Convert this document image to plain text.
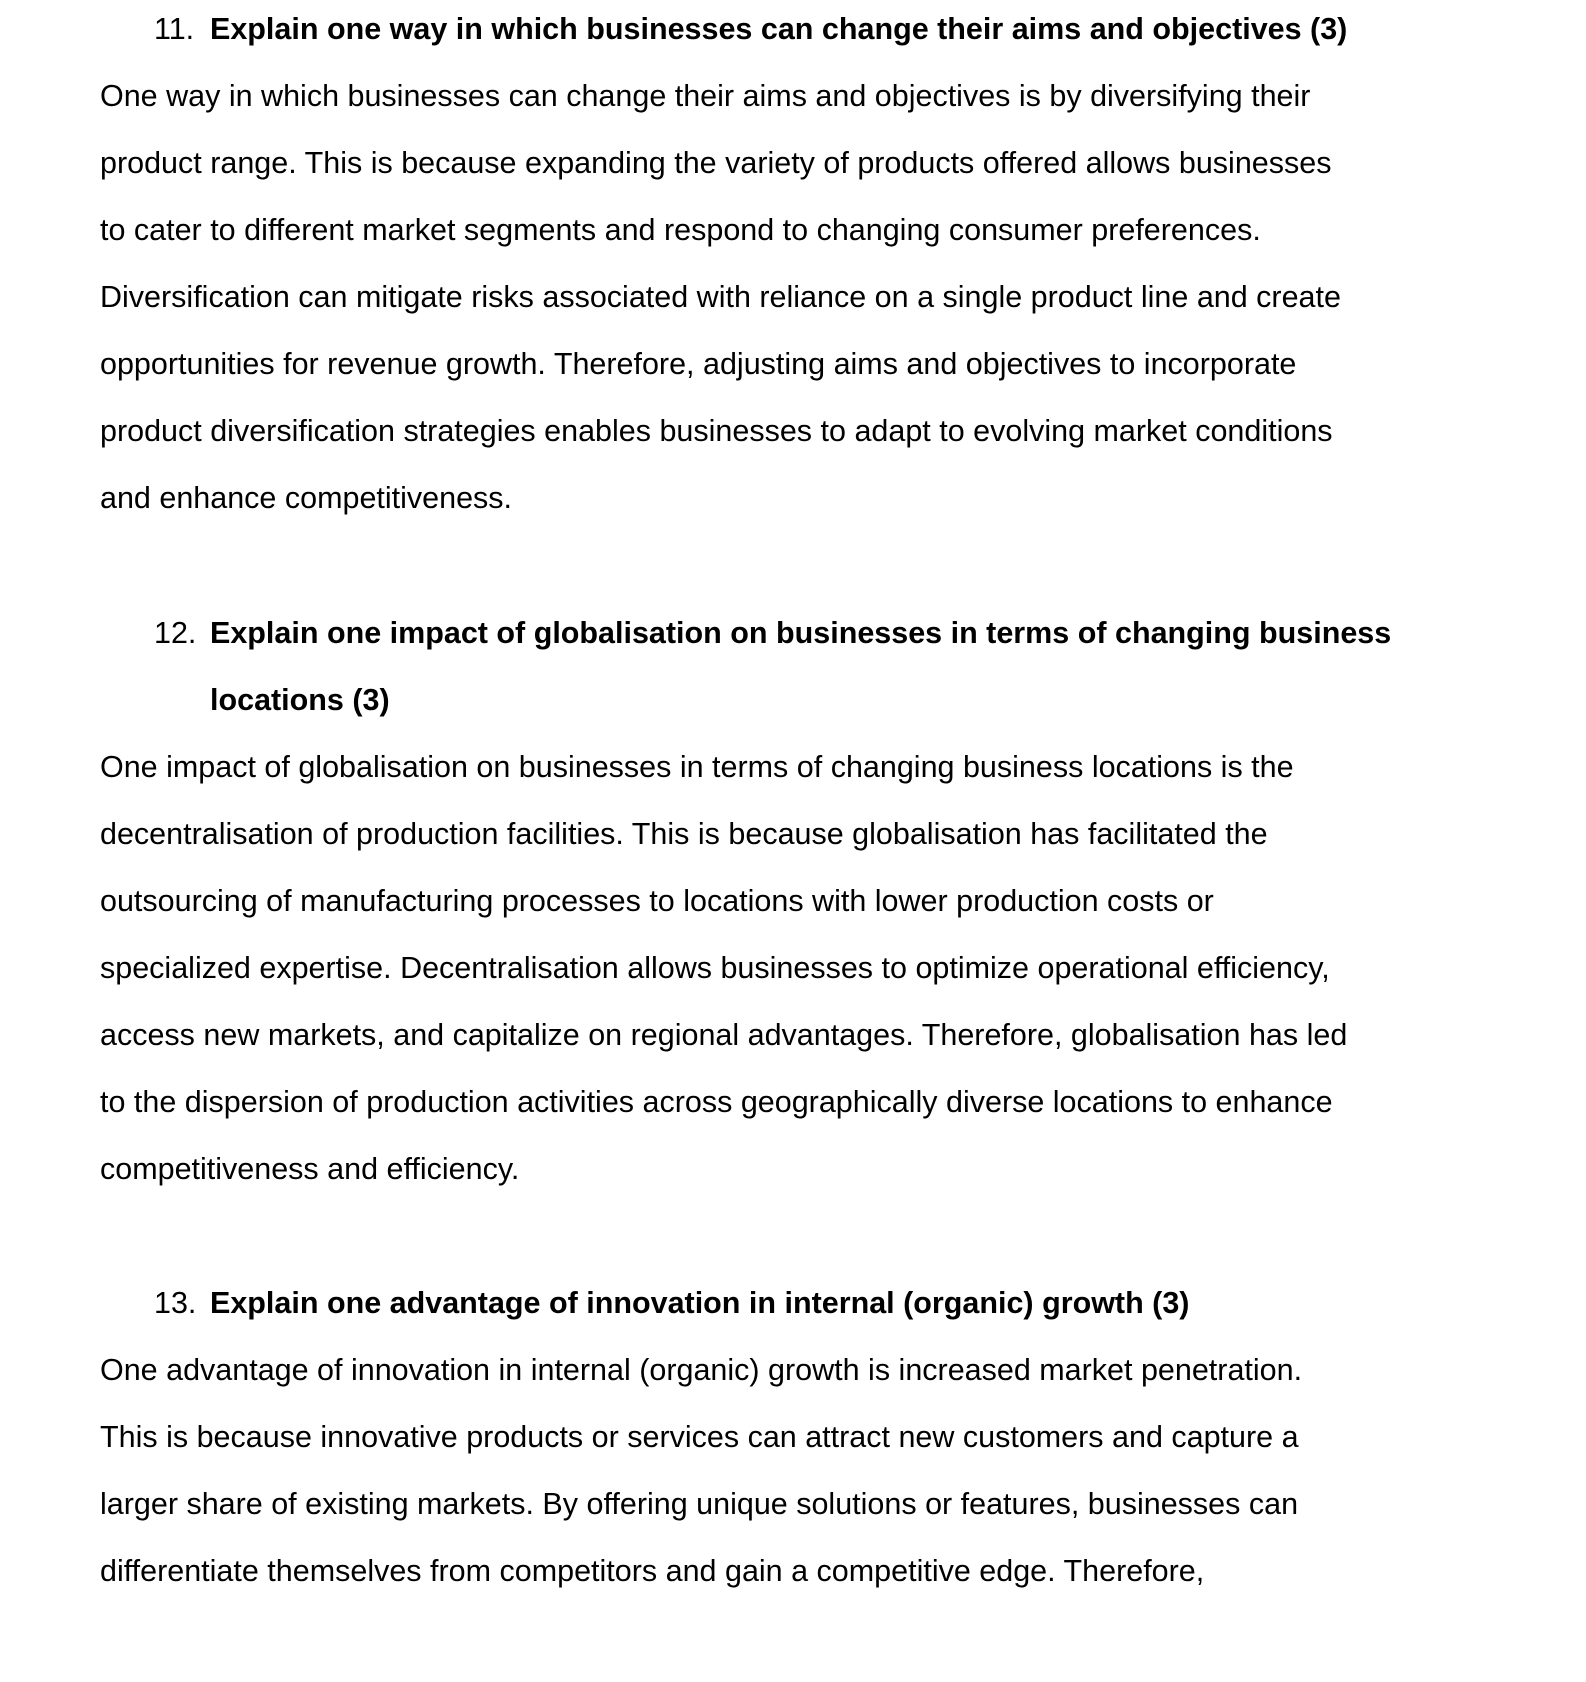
11. Explain one way in which businesses can change their aims and objectives (3)
One way in which businesses can change their aims and objectives is by diversifying their
product range. This is because expanding the variety of products offered allows businesses
to cater to different market segments and respond to changing consumer preferences.
Diversification can mitigate risks associated with reliance on a single product line and create
opportunities for revenue growth. Therefore, adjusting aims and objectives to incorporate
product diversification strategies enables businesses to adapt to evolving market conditions
and enhance competitiveness.
12. Explain one impact of globalisation on businesses in terms of changing business locations (3)
One impact of globalisation on businesses in terms of changing business locations is the
decentralisation of production facilities. This is because globalisation has facilitated the
outsourcing of manufacturing processes to locations with lower production costs or
specialized expertise. Decentralisation allows businesses to optimize operational efficiency,
access new markets, and capitalize on regional advantages. Therefore, globalisation has led
to the dispersion of production activities across geographically diverse locations to enhance
competitiveness and efficiency.
13. Explain one advantage of innovation in internal (organic) growth (3)
One advantage of innovation in internal (organic) growth is increased market penetration.
This is because innovative products or services can attract new customers and capture a
larger share of existing markets. By offering unique solutions or features, businesses can
differentiate themselves from competitors and gain a competitive edge. Therefore,
